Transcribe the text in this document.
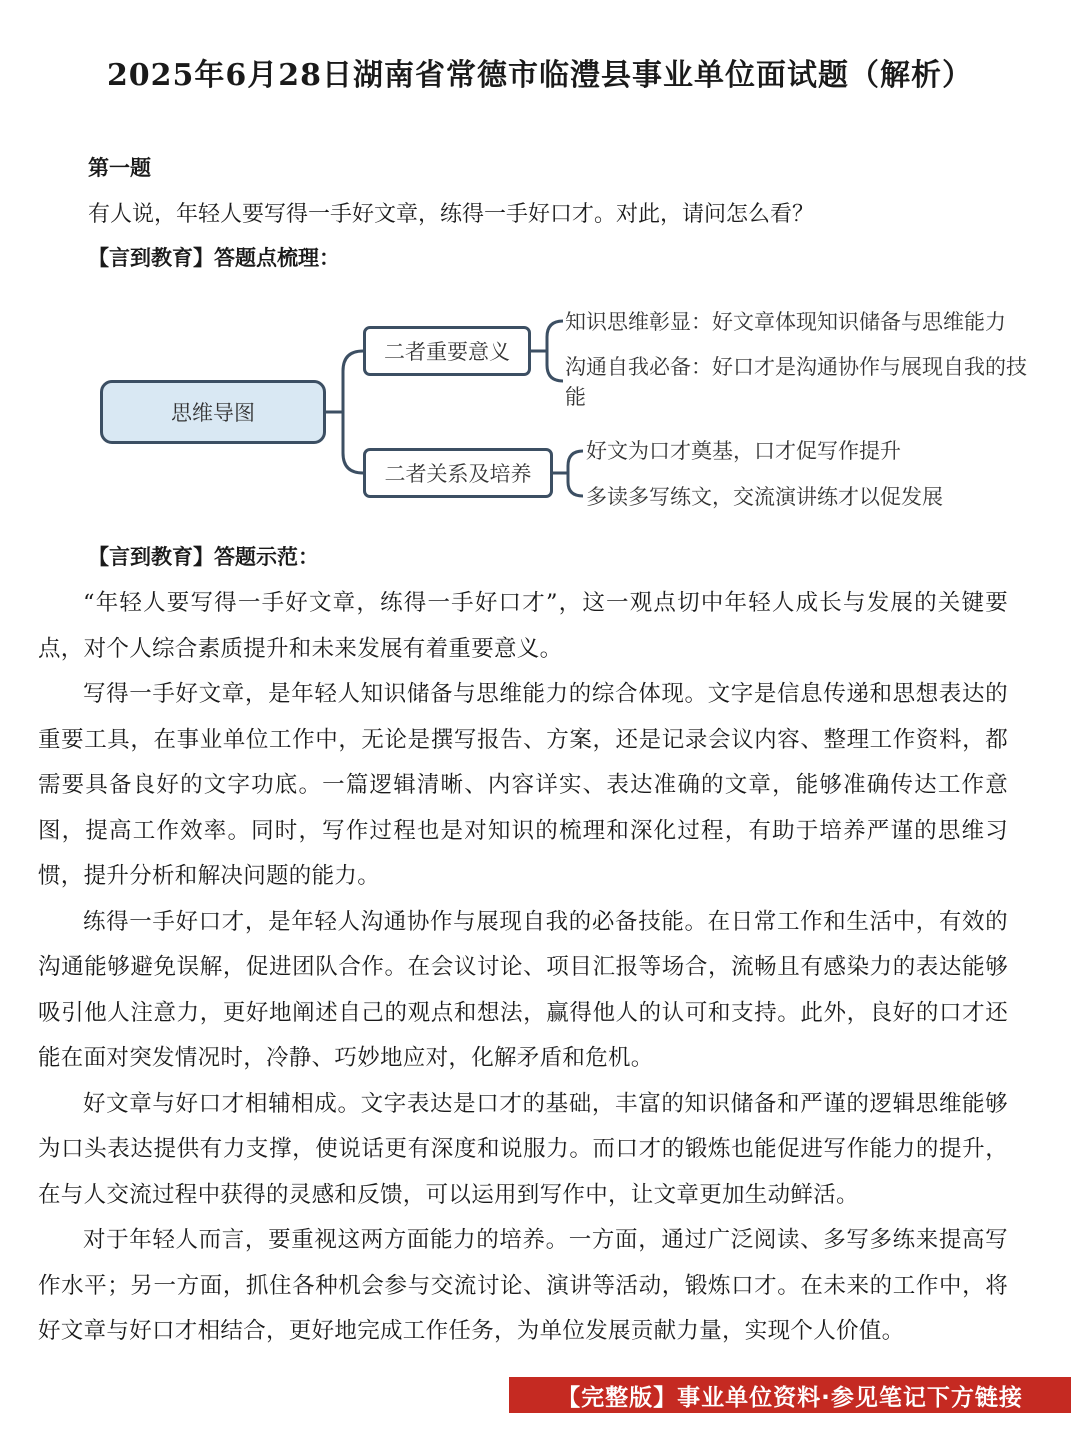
2025年6月28日湖南省常德市临澧县事业单位面试题（解析）
第一题
有人说，年轻人要写得一手好文章，练得一手好口才。对此，请问怎么看？
【言到教育】答题点梳理：
思维导图
二者重要意义
二者关系及培养
知识思维彰显：好文章体现知识储备与思维能力
沟通自我必备：好口才是沟通协作与展现自我的技能
好文为口才奠基，口才促写作提升
多读多写练文，交流演讲练才以促发展
【言到教育】答题示范：

“年轻人要写得一手好文章，练得一手好口才”，这一观点切中年轻人成长与发展的关键要点，对个人综合素质提升和未来发展有着重要意义。

写得一手好文章，是年轻人知识储备与思维能力的综合体现。文字是信息传递和思想表达的重要工具，在事业单位工作中，无论是撰写报告、方案，还是记录会议内容、整理工作资料，都需要具备良好的文字功底。一篇逻辑清晰、内容详实、表达准确的文章，能够准确传达工作意图，提高工作效率。同时，写作过程也是对知识的梳理和深化过程，有助于培养严谨的思维习惯，提升分析和解决问题的能力。

练得一手好口才，是年轻人沟通协作与展现自我的必备技能。在日常工作和生活中，有效的沟通能够避免误解，促进团队合作。在会议讨论、项目汇报等场合，流畅且有感染力的表达能够吸引他人注意力，更好地阐述自己的观点和想法，赢得他人的认可和支持。此外，良好的口才还能在面对突发情况时，冷静、巧妙地应对，化解矛盾和危机。

好文章与好口才相辅相成。文字表达是口才的基础，丰富的知识储备和严谨的逻辑思维能够为口头表达提供有力支撑，使说话更有深度和说服力。而口才的锻炼也能促进写作能力的提升，在与人交流过程中获得的灵感和反馈，可以运用到写作中，让文章更加生动鲜活。

对于年轻人而言，要重视这两方面能力的培养。一方面，通过广泛阅读、多写多练来提高写作水平；另一方面，抓住各种机会参与交流讨论、演讲等活动，锻炼口才。在未来的工作中，将好文章与好口才相结合，更好地完成工作任务，为单位发展贡献力量，实现个人价值。

【完整版】事业单位资料·参见笔记下方链接
